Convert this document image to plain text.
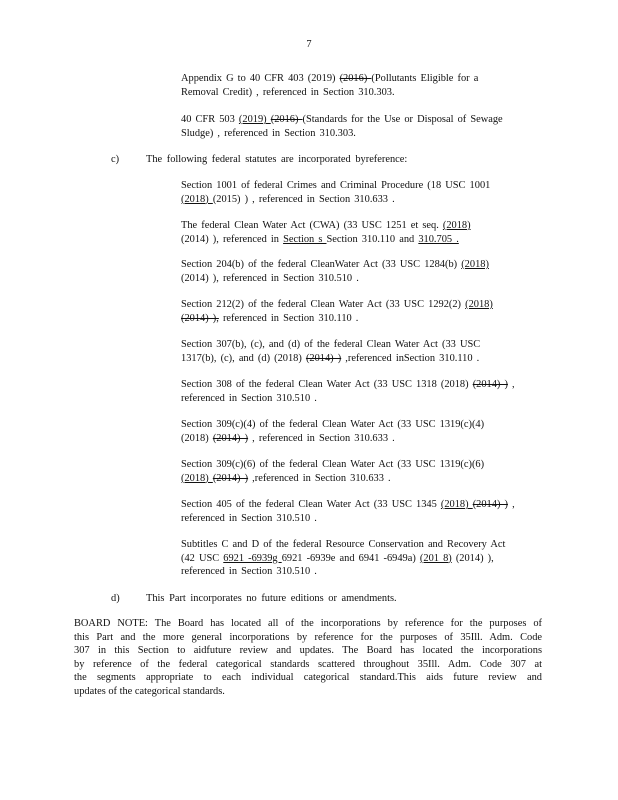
7
Appendix G to 40 CFR 403 (2019) (2016) (Pollutants Eligible for a
Removal Credit) , referenced in Section 310.303.
40 CFR 503 (2019) (2016) (Standards for the Use or Disposal of Sewage
Sludge) , referenced in Section 310.303.
c)	The following federal statutes are incorporated byreference:
Section 1001 of federal Crimes and Criminal Procedure (18 USC 1001
(2018) (2015) ) , referenced in Section 310.633 .
The federal Clean Water Act (CWA) (33 USC 1251 et seq. (2018)
(2014) ), referenced in Section s Section 310.110 and 310.705 .
Section 204(b) of the federal CleanWater Act (33 USC 1284(b) (2018)
(2014) ), referenced in Section 310.510 .
Section 212(2) of the federal Clean Water Act (33 USC 1292(2) (2018)
(2014) ), referenced in Section 310.110 .
Section 307(b), (c), and (d) of the federal Clean Water Act (33 USC
1317(b), (c), and (d) (2018) (2014) ) ,referenced inSection 310.110 .
Section 308 of the federal Clean Water Act (33 USC 1318 (2018) (2014) ) ,
referenced in Section 310.510 .
Section 309(c)(4) of the federal Clean Water Act (33 USC 1319(c)(4)
(2018) (2014) ) , referenced in Section 310.633 .
Section 309(c)(6) of the federal Clean Water Act (33 USC 1319(c)(6)
(2018) (2014) ) ,referenced in Section 310.633 .
Section 405 of the federal Clean Water Act (33 USC 1345 (2018) (2014) ) ,
referenced in Section 310.510 .
Subtitles C and D of the federal Resource Conservation and Recovery Act
(42 USC 6921 -6939g 6921 -6939e and 6941 -6949a) (201 8) (2014) ),
referenced in Section 310.510 .
d)	This Part incorporates no future editions or amendments.
BOARD NOTE: The Board has located all of the incorporations by reference for the purposes of
this Part and the more general incorporations by reference for the purposes of 35Ill. Adm. Code
307 in this Section to aidfuture review and updates. The Board has located the incorporations
by reference of the federal categorical standards scattered throughout 35Ill. Adm. Code 307 at
the segments appropriate to each individual categorical standard.This aids future review and
updates of the categorical standards.
